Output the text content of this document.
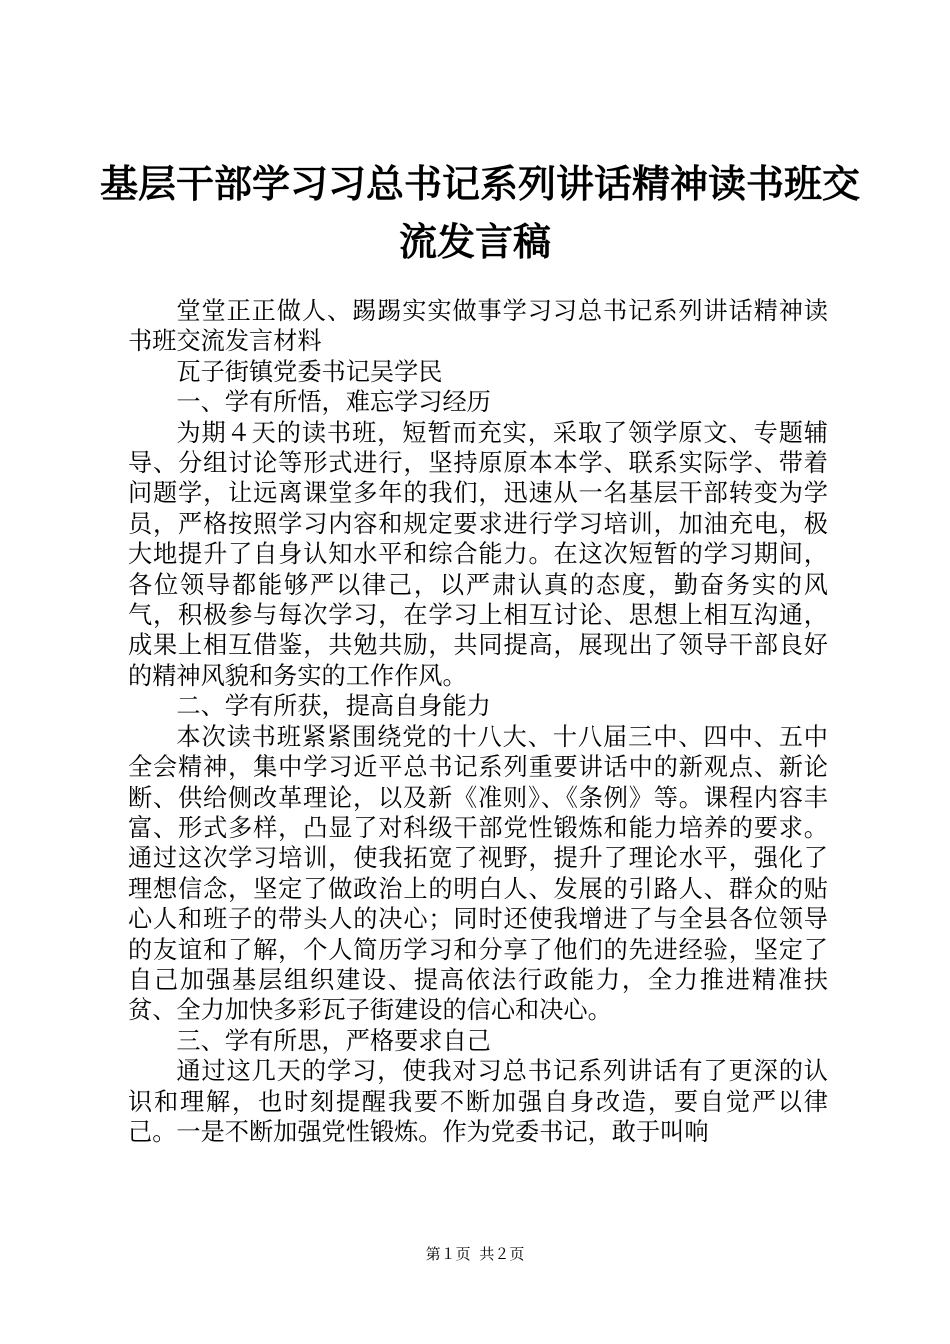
基层干部学习习总书记系列讲话精神读书班交
流发言稿

堂堂正正做人、踢踢实实做事学习习总书记系列讲话精神读书班交流发言材料

瓦子街镇党委书记吴学民

一、学有所悟，难忘学习经历

为期４天的读书班，短暂而充实，采取了领学原文、专题辅导、分组讨论等形式进行，坚持原原本本学、联系实际学、带着问题学，让远离课堂多年的我们，迅速从一名基层干部转变为学员，严格按照学习内容和规定要求进行学习培训，加油充电，极大地提升了自身认知水平和综合能力。在这次短暂的学习期间，各位领导都能够严以律己，以严肃认真的态度，勤奋务实的风气，积极参与每次学习，在学习上相互讨论、思想上相互沟通，成果上相互借鉴，共勉共励，共同提高，展现出了领导干部良好的精神风貌和务实的工作作风。

二、学有所获，提高自身能力

本次读书班紧紧围绕党的十八大、十八届三中、四中、五中全会精神，集中学习近平总书记系列重要讲话中的新观点、新论断、供给侧改革理论，以及新《准则》、《条例》等。课程内容丰富、形式多样，凸显了对科级干部党性锻炼和能力培养的要求。通过这次学习培训，使我拓宽了视野，提升了理论水平，强化了理想信念，坚定了做政治上的明白人、发展的引路人、群众的贴心人和班子的带头人的决心；同时还使我增进了与全县各位领导的友谊和了解，个人简历学习和分享了他们的先进经验，坚定了自己加强基层组织建设、提高依法行政能力，全力推进精准扶贫、全力加快多彩瓦子街建设的信心和决心。

三、学有所思，严格要求自己

通过这几天的学习，使我对习总书记系列讲话有了更深的认识和理解，也时刻提醒我要不断加强自身改造，要自觉严以律己。一是不断加强党性锻炼。作为党委书记，敢于叫响

第１页 共２页
